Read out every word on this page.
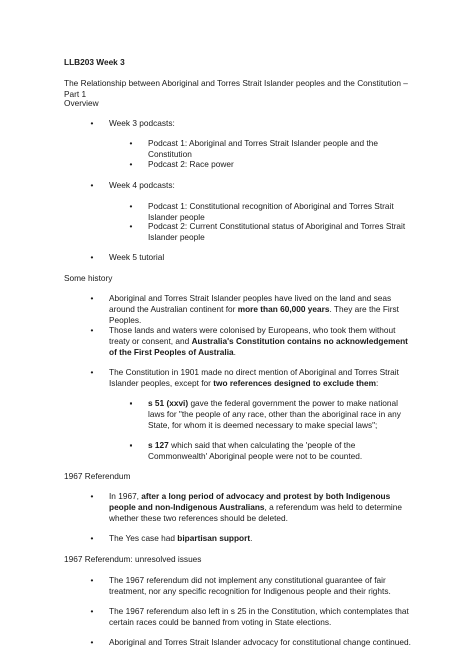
LLB203 Week 3

The Relationship between Aboriginal and Torres Strait Islander peoples and the Constitution – Part 1

Overview

•	Week 3 podcasts:

•	Podcast 1: Aboriginal and Torres Strait Islander people and the Constitution

•	Podcast 2: Race power

•	Week 4 podcasts:

•	Podcast 1: Constitutional recognition of Aboriginal and Torres Strait Islander people

•	Podcast 2: Current Constitutional status of Aboriginal and Torres Strait Islander people

•	Week 5 tutorial

Some history

•	Aboriginal and Torres Strait Islander peoples have lived on the land and seas around the Australian continent for more than 60,000 years. They are the First Peoples.

•	Those lands and waters were colonised by Europeans, who took them without treaty or consent, and Australia's Constitution contains no acknowledgement of the First Peoples of Australia.

•	The Constitution in 1901 made no direct mention of Aboriginal and Torres Strait Islander peoples, except for two references designed to exclude them:

▪	s 51 (xxvi) gave the federal government the power to make national laws for "the people of any race, other than the aboriginal race in any State, for whom it is deemed necessary to make special laws";

▪	s 127 which said that when calculating the 'people of the Commonwealth' Aboriginal people were not to be counted.

1967 Referendum

•	In 1967, after a long period of advocacy and protest by both Indigenous people and non-Indigenous Australians, a referendum was held to determine whether these two references should be deleted.

•	The Yes case had bipartisan support.

1967 Referendum: unresolved issues

•	The 1967 referendum did not implement any constitutional guarantee of fair treatment, nor any specific recognition for Indigenous people and their rights.

•	The 1967 referendum also left in s 25 in the Constitution, which contemplates that certain races could be banned from voting in State elections.

•	Aboriginal and Torres Strait Islander advocacy for constitutional change continued.
